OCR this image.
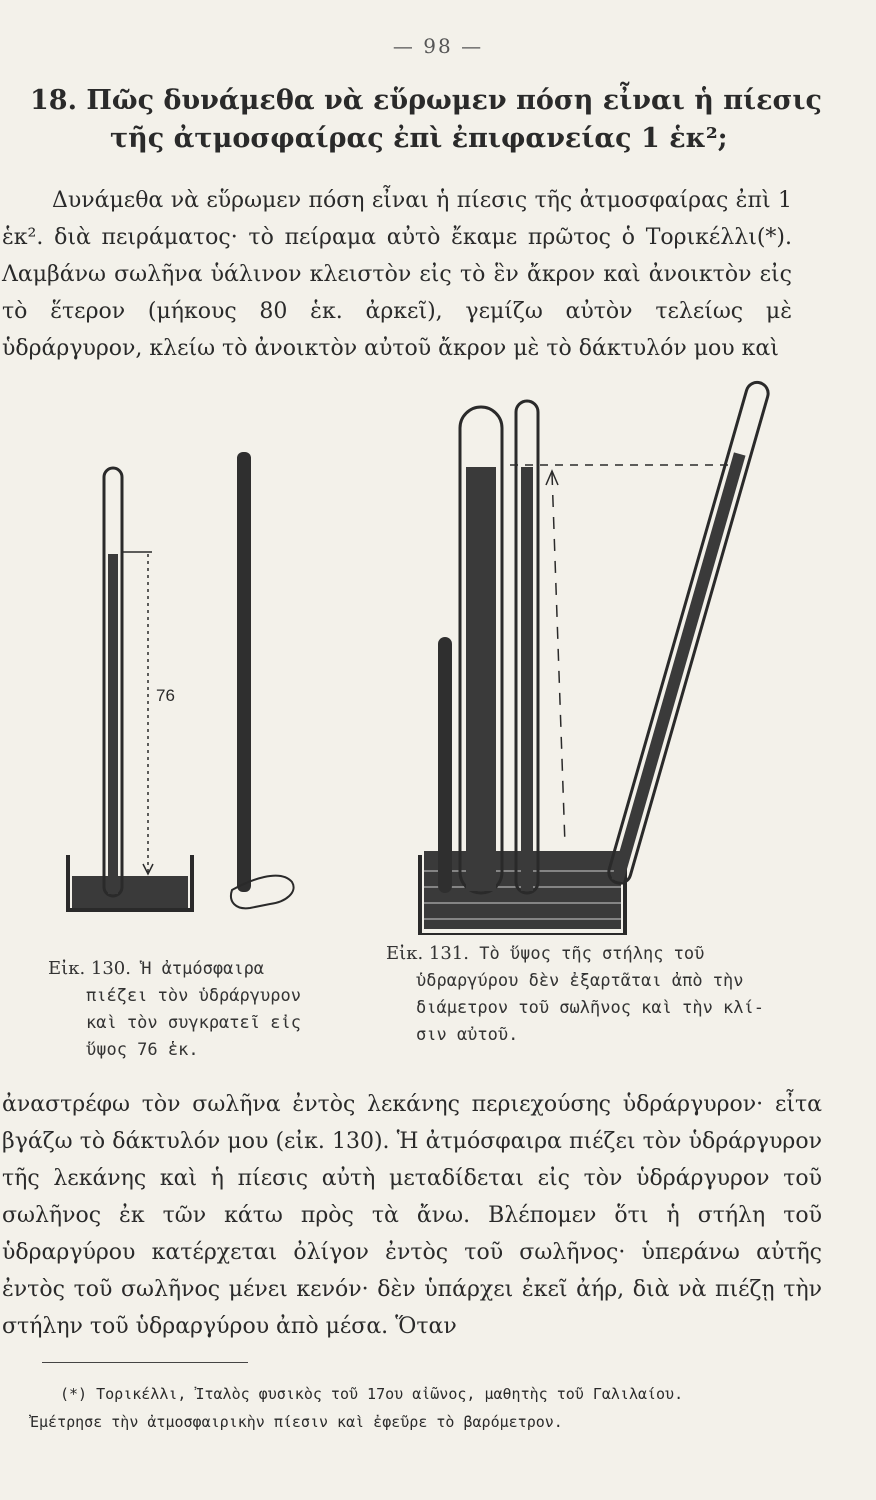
— 98 —
18. Πῶς δυνάμεθα νὰ εὕρωμεν πόση εἶναι ἡ πίεσις
τῆς ἀτμοσφαίρας ἐπὶ ἐπιφανείας 1 ἑκ²;
Δυνάμεθα νὰ εὕρωμεν πόση εἶναι ἡ πίεσις τῆς ἀτμοσφαίρας ἐπὶ 1 ἑκ². διὰ πειράματος· τὸ πείραμα αὐτὸ ἔκαμε πρῶτος ὁ Τορικέλλι(*). Λαμβάνω σωλῆνα ὑάλινον κλειστὸν εἰς τὸ ἓν ἄκρον καὶ ἀνοικτὸν εἰς τὸ ἕτερον (μήκους 80 ἑκ. ἀρκεῖ), γεμίζω αὐτὸν τελείως μὲ ὑδράργυρον, κλείω τὸ ἀνοικτὸν αὐτοῦ ἄκρον μὲ τὸ δάκτυλόν μου καὶ
76
Εἰκ. 130. Ἡ ἀτμόσφαιρα

πιέζει τὸν ὑδράργυρον
καὶ τὸν συγκρατεῖ εἰς
ὕψος 76 ἑκ.
Εἰκ. 131. Τὸ ὕψος τῆς στήλης τοῦ

ὑδραργύρου δὲν ἐξαρτᾶται ἀπὸ τὴν
διάμετρον τοῦ σωλῆνος καὶ τὴν κλί-
σιν αὐτοῦ.
ἀναστρέφω τὸν σωλῆνα ἐντὸς λεκάνης περιεχούσης ὑδράργυρον· εἶτα βγάζω τὸ δάκτυλόν μου (εἰκ. 130). Ἡ ἀτμόσφαιρα πιέζει τὸν ὑδράργυρον τῆς λεκάνης καὶ ἡ πίεσις αὐτὴ μεταδίδεται εἰς τὸν ὑδράργυρον τοῦ σωλῆνος ἐκ τῶν κάτω πρὸς τὰ ἄνω. Βλέπομεν ὅτι ἡ στήλη τοῦ ὑδραργύρου κατέρχεται ὀλίγον ἐντὸς τοῦ σωλῆνος· ὑπεράνω αὐτῆς ἐντὸς τοῦ σωλῆνος μένει κενόν· δὲν ὑπάρχει ἐκεῖ ἀήρ, διὰ νὰ πιέζῃ τὴν στήλην τοῦ ὑδραργύρου ἀπὸ μέσα. Ὅταν
(*) Τορικέλλι, Ἰταλὸς φυσικὸς τοῦ 17ου αἰῶνος, μαθητὴς τοῦ Γαλιλαίου.
Ἐμέτρησε τὴν ἀτμοσφαιρικὴν πίεσιν καὶ ἐφεῦρε τὸ βαρόμετρον.
